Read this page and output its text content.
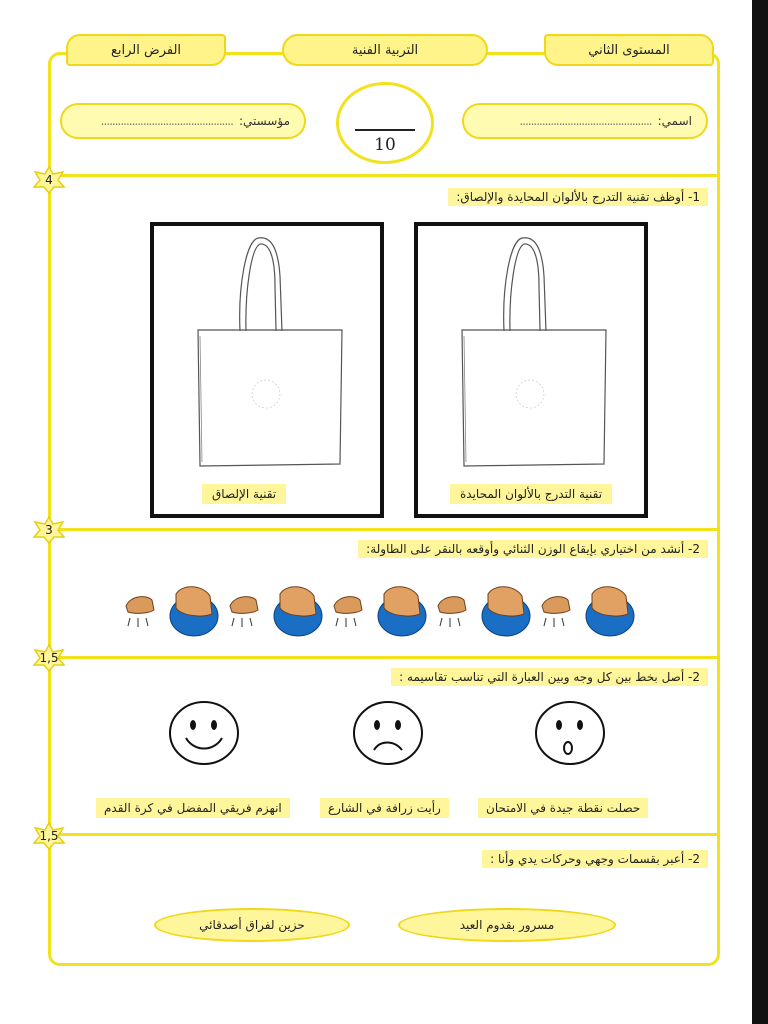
المستوى الثاني
التربية الفنية
الفرض الرابع
اسمي:
...............................................
مؤسستي:
...............................................
10
4
3
1,5
1,5
1- أوظف تقنية التدرج بالألوان المحايدة والإلصاق:
تقنية التدرج بالألوان المحايدة
تقنية الإلصاق
2- أنشد من اختياري بإيقاع الوزن الثنائي وأوقعه بالنقر على الطاولة:
2- أصل بخط بين كل وجه وبين العبارة التي تناسب تقاسيمه :
حصلت نقطة جيدة في الامتحان
رأيت زرافة في الشارع
انهزم فريقي المفضل في كرة القدم
2- أعبر بقسمات وجهي وحركات يدي وأنا :
مسرور بقدوم العيد
حزين لفراق أصدقائي
